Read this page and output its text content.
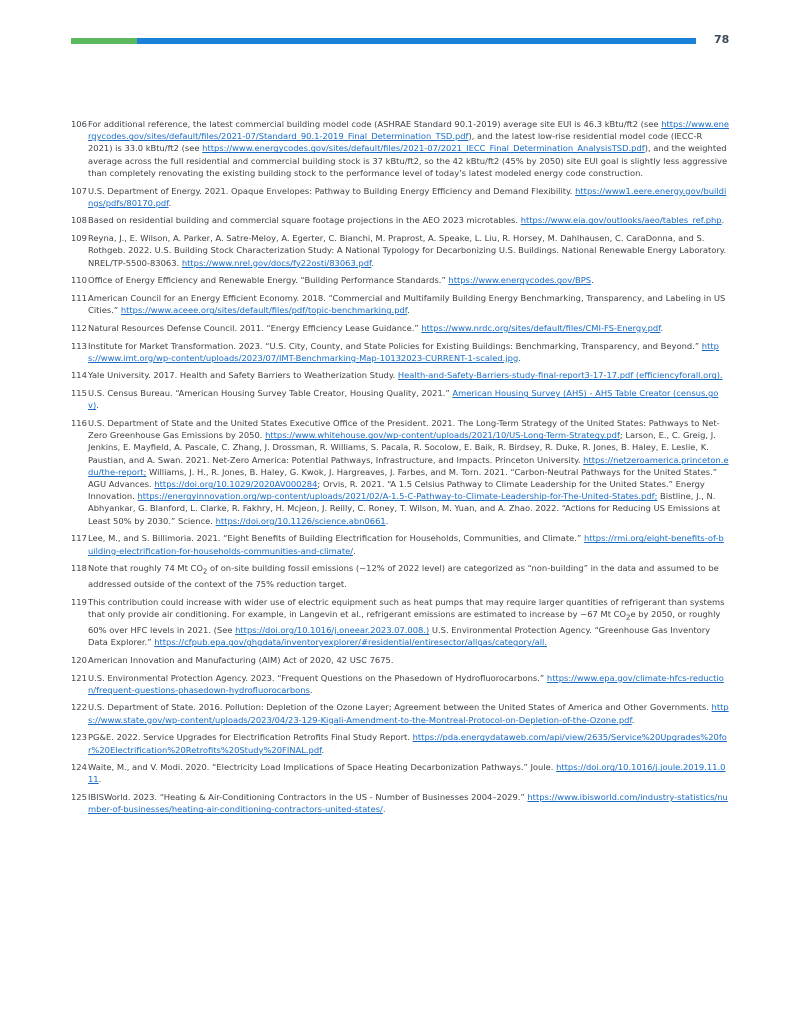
78
106 For additional reference, the latest commercial building model code (ASHRAE Standard 90.1-2019) average site EUI is 46.3 kBtu/ft2 (see https://www.energycodes.gov/sites/default/files/2021-07/Standard_90.1-2019_Final_Determination_TSD.pdf), and the latest low-rise residential model code (IECC-R 2021) is 33.0 kBtu/ft2 (see https://www.energycodes.gov/sites/default/files/2021-07/2021_IECC_Final_Determination_AnalysisTSD.pdf), and the weighted average across the full residential and commercial building stock is 37 kBtu/ft2, so the 42 kBtu/ft2 (45% by 2050) site EUI goal is slightly less aggressive than completely renovating the existing building stock to the performance level of today’s latest modeled energy code construction.
107 U.S. Department of Energy. 2021. Opaque Envelopes: Pathway to Building Energy Efficiency and Demand Flexibility. https://www1.eere.energy.gov/buildings/pdfs/80170.pdf.
108 Based on residential building and commercial square footage projections in the AEO 2023 microtables. https://www.eia.gov/outlooks/aeo/tables_ref.php.
109 Reyna, J., E. Wilson, A. Parker, A. Satre-Meloy, A. Egerter, C. Bianchi, M. Praprost, A. Speake, L. Liu, R. Horsey, M. Dahlhausen, C. CaraDonna, and S. Rothgeb. 2022. U.S. Building Stock Characterization Study: A National Typology for Decarbonizing U.S. Buildings. National Renewable Energy Laboratory. NREL/TP-5500-83063. https://www.nrel.gov/docs/fy22osti/83063.pdf.
110 Office of Energy Efficiency and Renewable Energy. “Building Performance Standards.” https://www.energycodes.gov/BPS.
111 American Council for an Energy Efficient Economy. 2018. “Commercial and Multifamily Building Energy Benchmarking, Transparency, and Labeling in US Cities.” https://www.aceee.org/sites/default/files/pdf/topic-benchmarking.pdf.
112 Natural Resources Defense Council. 2011. “Energy Efficiency Lease Guidance.” https://www.nrdc.org/sites/default/files/CMI-FS-Energy.pdf.
113 Institute for Market Transformation. 2023. “U.S. City, County, and State Policies for Existing Buildings: Benchmarking, Transparency, and Beyond.” https://www.imt.org/wp-content/uploads/2023/07/IMT-Benchmarking-Map-10132023-CURRENT-1-scaled.jpg.
114 Yale University. 2017. Health and Safety Barriers to Weatherization Study. Health-and-Safety-Barriers-study-final-report3-17-17.pdf (efficiencyforall.org).
115 U.S. Census Bureau. “American Housing Survey Table Creator, Housing Quality, 2021.” American Housing Survey (AHS) - AHS Table Creator (census.gov).
116 U.S. Department of State and the United States Executive Office of the President. 2021. The Long-Term Strategy of the United States: Pathways to Net-Zero Greenhouse Gas Emissions by 2050. https://www.whitehouse.gov/wp-content/uploads/2021/10/US-Long-Term-Strategy.pdf; Larson, E., C. Greig, J. Jenkins, E. Mayfield, A. Pascale, C. Zhang, J. Drossman, R. Williams, S. Pacala, R. Socolow, E. Baik, R. Birdsey, R. Duke, R. Jones, B. Haley, E. Leslie, K. Paustian, and A. Swan. 2021. Net-Zero America: Potential Pathways, Infrastructure, and Impacts. Princeton University. https://netzeroamerica.princeton.edu/the-report; Williams, J. H., R. Jones, B. Haley, G. Kwok, J. Hargreaves, J. Farbes, and M. Torn. 2021. “Carbon-Neutral Pathways for the United States.” AGU Advances. https://doi.org/10.1029/2020AV000284; Orvis, R. 2021. “A 1.5 Celsius Pathway to Climate Leadership for the United States.” Energy Innovation. https://energyinnovation.org/wp-content/uploads/2021/02/A-1.5-C-Pathway-to-Climate-Leadership-for-The-United-States.pdf; Bistline, J., N. Abhyankar, G. Blanford, L. Clarke, R. Fakhry, H. Mcjeon, J. Reilly, C. Roney, T. Wilson, M. Yuan, and A. Zhao. 2022. “Actions for Reducing US Emissions at Least 50% by 2030.” Science. https://doi.org/10.1126/science.abn0661.
117 Lee, M., and S. Billimoria. 2021. “Eight Benefits of Building Electrification for Households, Communities, and Climate.” https://rmi.org/eight-benefits-of-building-electrification-for-households-communities-and-climate/.
118 Note that roughly 74 Mt $CO_2$ of on-site building fossil emissions (~12% of 2022 level) are categorized as “non-building” in the data and assumed to be addressed outside of the context of the 75% reduction target.
119 This contribution could increase with wider use of electric equipment such as heat pumps that may require larger quantities of refrigerant than systems that only provide air conditioning. For example, in Langevin et al., refrigerant emissions are estimated to increase by ~67 Mt $CO_2e$ by 2050, or roughly 60% over HFC levels in 2021. (See https://doi.org/10.1016/j.oneear.2023.07.008.) U.S. Environmental Protection Agency. “Greenhouse Gas Inventory Data Explorer.” https://cfpub.epa.gov/ghgdata/inventoryexplorer/#residential/entiresector/allgas/category/all.
120 American Innovation and Manufacturing (AIM) Act of 2020, 42 USC 7675.
121 U.S. Environmental Protection Agency. 2023. “Frequent Questions on the Phasedown of Hydrofluorocarbons.” https://www.epa.gov/climate-hfcs-reduction/frequent-questions-phasedown-hydrofluorocarbons.
122 U.S. Department of State. 2016. Pollution: Depletion of the Ozone Layer; Agreement between the United States of America and Other Governments. https://www.state.gov/wp-content/uploads/2023/04/23-129-Kigali-Amendment-to-the-Montreal-Protocol-on-Depletion-of-the-Ozone.pdf.
123 PG&E. 2022. Service Upgrades for Electrification Retrofits Final Study Report. https://pda.energydataweb.com/api/view/2635/Service%20Upgrades%20for%20Electrification%20Retrofits%20Study%20FINAL.pdf.
124 Waite, M., and V. Modi. 2020. “Electricity Load Implications of Space Heating Decarbonization Pathways.” Joule. https://doi.org/10.1016/j.joule.2019.11.011.
125 IBISWorld. 2023. “Heating & Air-Conditioning Contractors in the US - Number of Businesses 2004–2029.” https://www.ibisworld.com/industry-statistics/number-of-businesses/heating-air-conditioning-contractors-united-states/.
